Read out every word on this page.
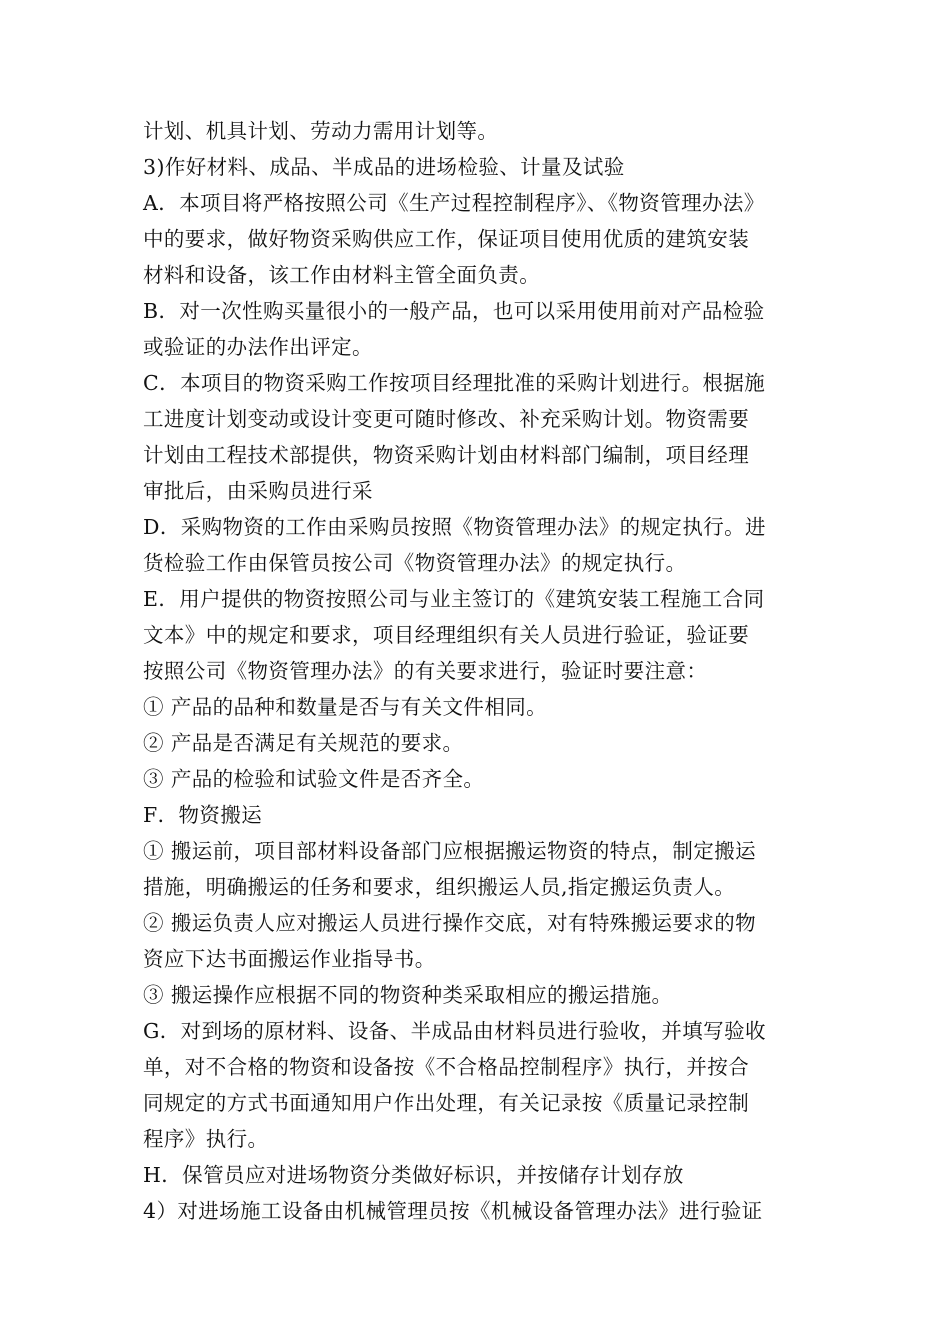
计划、机具计划、劳动力需用计划等。
3)作好材料、成品、半成品的进场检验、计量及试验
A．本项目将严格按照公司《生产过程控制程序》、《物资管理办法》
中的要求，做好物资采购供应工作，保证项目使用优质的建筑安装
材料和设备，该工作由材料主管全面负责。
B．对一次性购买量很小的一般产品，也可以采用使用前对产品检验
或验证的办法作出评定。
C．本项目的物资采购工作按项目经理批准的采购计划进行。根据施
工进度计划变动或设计变更可随时修改、补充采购计划。物资需要
计划由工程技术部提供，物资采购计划由材料部门编制，项目经理
审批后，由采购员进行采
D．采购物资的工作由采购员按照《物资管理办法》的规定执行。进
货检验工作由保管员按公司《物资管理办法》的规定执行。
E．用户提供的物资按照公司与业主签订的《建筑安装工程施工合同
文本》中的规定和要求，项目经理组织有关人员进行验证，验证要
按照公司《物资管理办法》的有关要求进行，验证时要注意：
① 产品的品种和数量是否与有关文件相同。
② 产品是否满足有关规范的要求。
③ 产品的检验和试验文件是否齐全。
F．物资搬运
① 搬运前，项目部材料设备部门应根据搬运物资的特点，制定搬运
措施，明确搬运的任务和要求，组织搬运人员,指定搬运负责人。
② 搬运负责人应对搬运人员进行操作交底，对有特殊搬运要求的物
资应下达书面搬运作业指导书。
③ 搬运操作应根据不同的物资种类采取相应的搬运措施。
G．对到场的原材料、设备、半成品由材料员进行验收，并填写验收
单，对不合格的物资和设备按《不合格品控制程序》执行，并按合
同规定的方式书面通知用户作出处理，有关记录按《质量记录控制
程序》执行。
H．保管员应对进场物资分类做好标识，并按储存计划存放
4）对进场施工设备由机械管理员按《机械设备管理办法》进行验证
